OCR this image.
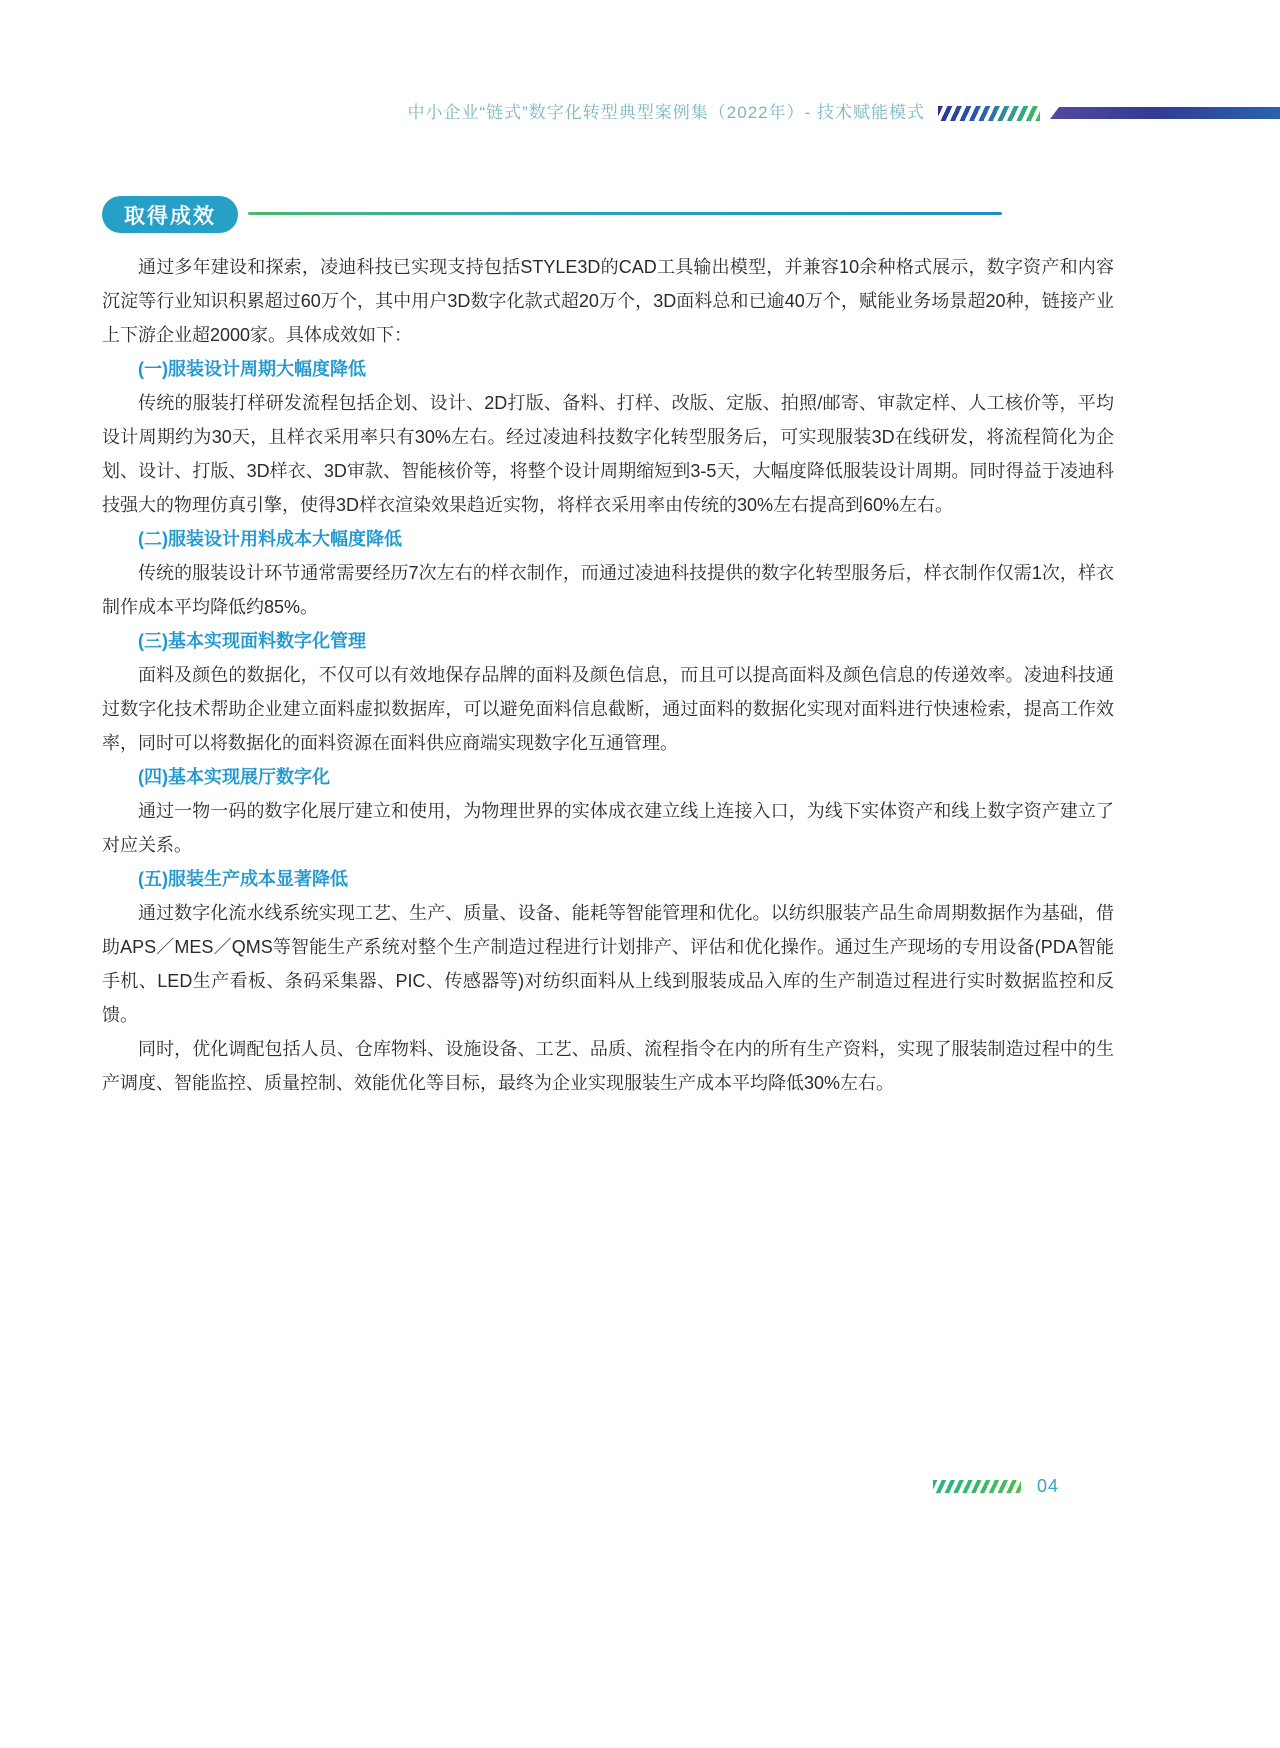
中小企业“链式”数字化转型典型案例集（2022年）- 技术赋能模式
取得成效

通过多年建设和探索，凌迪科技已实现支持包括STYLE3D的CAD工具输出模型，并兼容10余种格式展示，数字资产和内容沉淀等行业知识积累超过60万个，其中用户3D数字化款式超20万个，3D面料总和已逾40万个，赋能业务场景超20种，链接产业上下游企业超2000家。具体成效如下：

(一)服装设计周期大幅度降低

传统的服装打样研发流程包括企划、设计、2D打版、备料、打样、改版、定版、拍照/邮寄、审款定样、人工核价等，平均设计周期约为30天，且样衣采用率只有30%左右。经过凌迪科技数字化转型服务后，可实现服装3D在线研发，将流程简化为企划、设计、打版、3D样衣、3D审款、智能核价等，将整个设计周期缩短到3-5天，大幅度降低服装设计周期。同时得益于凌迪科技强大的物理仿真引擎，使得3D样衣渲染效果趋近实物，将样衣采用率由传统的30%左右提高到60%左右。

(二)服装设计用料成本大幅度降低

传统的服装设计环节通常需要经历7次左右的样衣制作，而通过凌迪科技提供的数字化转型服务后，样衣制作仅需1次，样衣制作成本平均降低约85%。

(三)基本实现面料数字化管理

面料及颜色的数据化，不仅可以有效地保存品牌的面料及颜色信息，而且可以提高面料及颜色信息的传递效率。凌迪科技通过数字化技术帮助企业建立面料虚拟数据库，可以避免面料信息截断，通过面料的数据化实现对面料进行快速检索，提高工作效率，同时可以将数据化的面料资源在面料供应商端实现数字化互通管理。

(四)基本实现展厅数字化

通过一物一码的数字化展厅建立和使用，为物理世界的实体成衣建立线上连接入口，为线下实体资产和线上数字资产建立了对应关系。

(五)服装生产成本显著降低

通过数字化流水线系统实现工艺、生产、质量、设备、能耗等智能管理和优化。以纺织服装产品生命周期数据作为基础，借助APS／MES／QMS等智能生产系统对整个生产制造过程进行计划排产、评估和优化操作。通过生产现场的专用设备(PDA智能手机、LED生产看板、条码采集器、PIC、传感器等)对纺织面料从上线到服装成品入库的生产制造过程进行实时数据监控和反馈。

同时，优化调配包括人员、仓库物料、设施设备、工艺、品质、流程指令在内的所有生产资料，实现了服装制造过程中的生产调度、智能监控、质量控制、效能优化等目标，最终为企业实现服装生产成本平均降低30%左右。

04
